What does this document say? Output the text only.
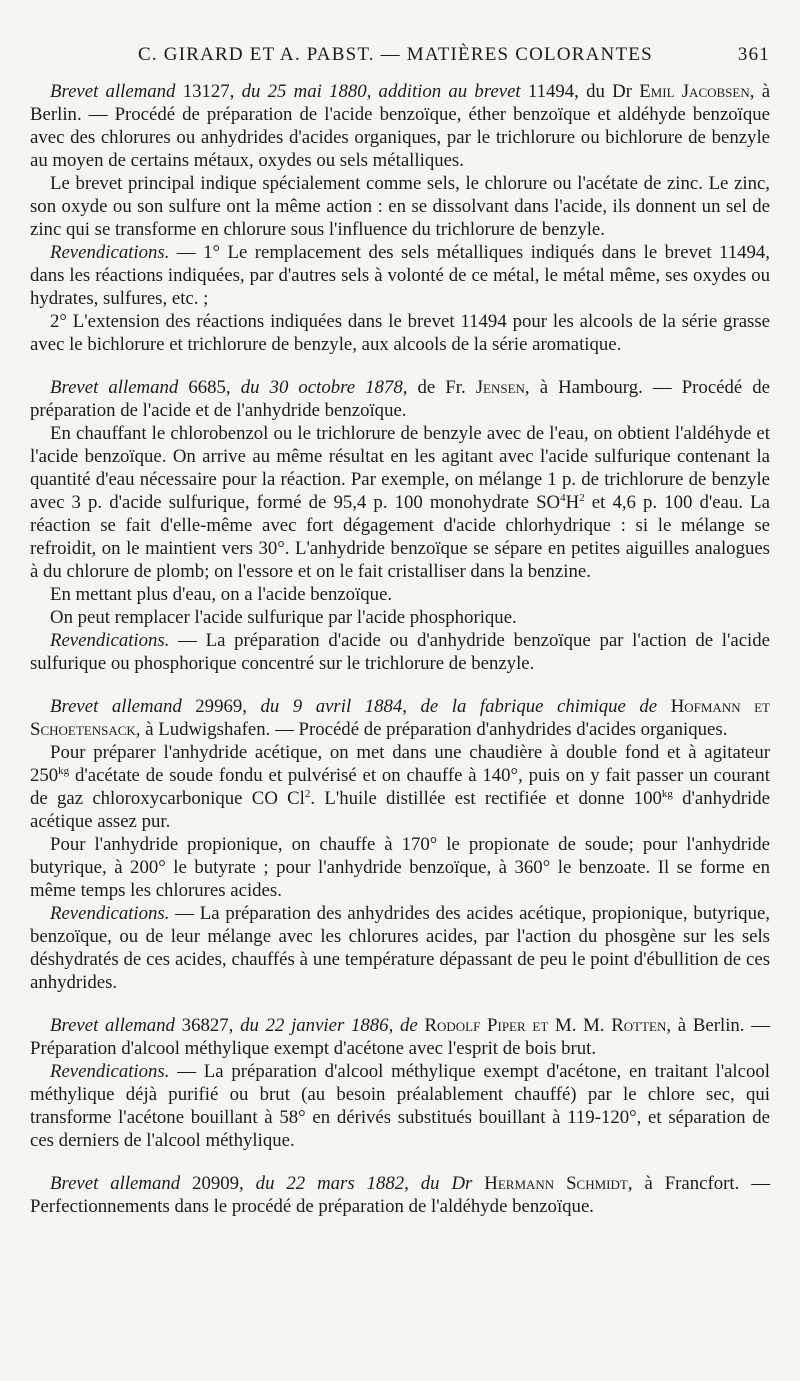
C. GIRARD ET A. PABST. — MATIÈRES COLORANTES	361

Brevet allemand 13127, du 25 mai 1880, addition au brevet 11494, du Dr Emil Jacobsen, à Berlin. — Procédé de préparation de l'acide benzoïque, éther benzoïque et aldéhyde benzoïque avec des chlorures ou anhydrides d'acides organiques, par le trichlorure ou bichlorure de benzyle au moyen de certains métaux, oxydes ou sels métalliques.

Le brevet principal indique spécialement comme sels, le chlorure ou l'acétate de zinc. Le zinc, son oxyde ou son sulfure ont la même action : en se dissolvant dans l'acide, ils donnent un sel de zinc qui se transforme en chlorure sous l'influence du trichlorure de benzyle.

Revendications. — 1° Le remplacement des sels métalliques indiqués dans le brevet 11494, dans les réactions indiquées, par d'autres sels à volonté de ce métal, le métal même, ses oxydes ou hydrates, sulfures, etc. ;

2° L'extension des réactions indiquées dans le brevet 11494 pour les alcools de la série grasse avec le bichlorure et trichlorure de benzyle, aux alcools de la série aromatique.

Brevet allemand 6685, du 30 octobre 1878, de Fr. Jensen, à Hambourg. — Procédé de préparation de l'acide et de l'anhydride benzoïque.

En chauffant le chlorobenzol ou le trichlorure de benzyle avec de l'eau, on obtient l'aldéhyde et l'acide benzoïque. On arrive au même résultat en les agitant avec l'acide sulfurique contenant la quantité d'eau nécessaire pour la réaction. Par exemple, on mélange 1 p. de trichlorure de benzyle avec 3 p. d'acide sulfurique, formé de 95,4 p. 100 monohydrate $SO^4H^2$ et 4,6 p. 100 d'eau. La réaction se fait d'elle-même avec fort dégagement d'acide chlorhydrique : si le mélange se refroidit, on le maintient vers 30°. L'anhydride benzoïque se sépare en petites aiguilles analogues à du chlorure de plomb; on l'essore et on le fait cristalliser dans la benzine.

En mettant plus d'eau, on a l'acide benzoïque.

On peut remplacer l'acide sulfurique par l'acide phosphorique.

Revendications. — La préparation d'acide ou d'anhydride benzoïque par l'action de l'acide sulfurique ou phosphorique concentré sur le trichlorure de benzyle.

Brevet allemand 29969, du 9 avril 1884, de la fabrique chimique de Hofmann et Schoetensack, à Ludwigshafen. — Procédé de préparation d'anhydrides d'acides organiques.

Pour préparer l'anhydride acétique, on met dans une chaudière à double fond et à agitateur $250^{kg}$ d'acétate de soude fondu et pulvérisé et on chauffe à 140°, puis on y fait passer un courant de gaz chloroxycarbonique CO Cl$^2$. L'huile distillée est rectifiée et donne $100^{kg}$ d'anhydride acétique assez pur.

Pour l'anhydride propionique, on chauffe à 170° le propionate de soude; pour l'anhydride butyrique, à 200° le butyrate ; pour l'anhydride benzoïque, à 360° le benzoate. Il se forme en même temps les chlorures acides.

Revendications. — La préparation des anhydrides des acides acétique, propionique, butyrique, benzoïque, ou de leur mélange avec les chlorures acides, par l'action du phosgène sur les sels déshydratés de ces acides, chauffés à une température dépassant de peu le point d'ébullition de ces anhydrides.

Brevet allemand 36827, du 22 janvier 1886, de Rodolf Piper et M. M. Rotten, à Berlin. — Préparation d'alcool méthylique exempt d'acétone avec l'esprit de bois brut.

Revendications. — La préparation d'alcool méthylique exempt d'acétone, en traitant l'alcool méthylique déjà purifié ou brut (au besoin préalablement chauffé) par le chlore sec, qui transforme l'acétone bouillant à 58° en dérivés substitués bouillant à 119-120°, et séparation de ces derniers de l'alcool méthylique.

Brevet allemand 20909, du 22 mars 1882, du Dr Hermann Schmidt, à Francfort. — Perfectionnements dans le procédé de préparation de l'aldéhyde benzoïque.
